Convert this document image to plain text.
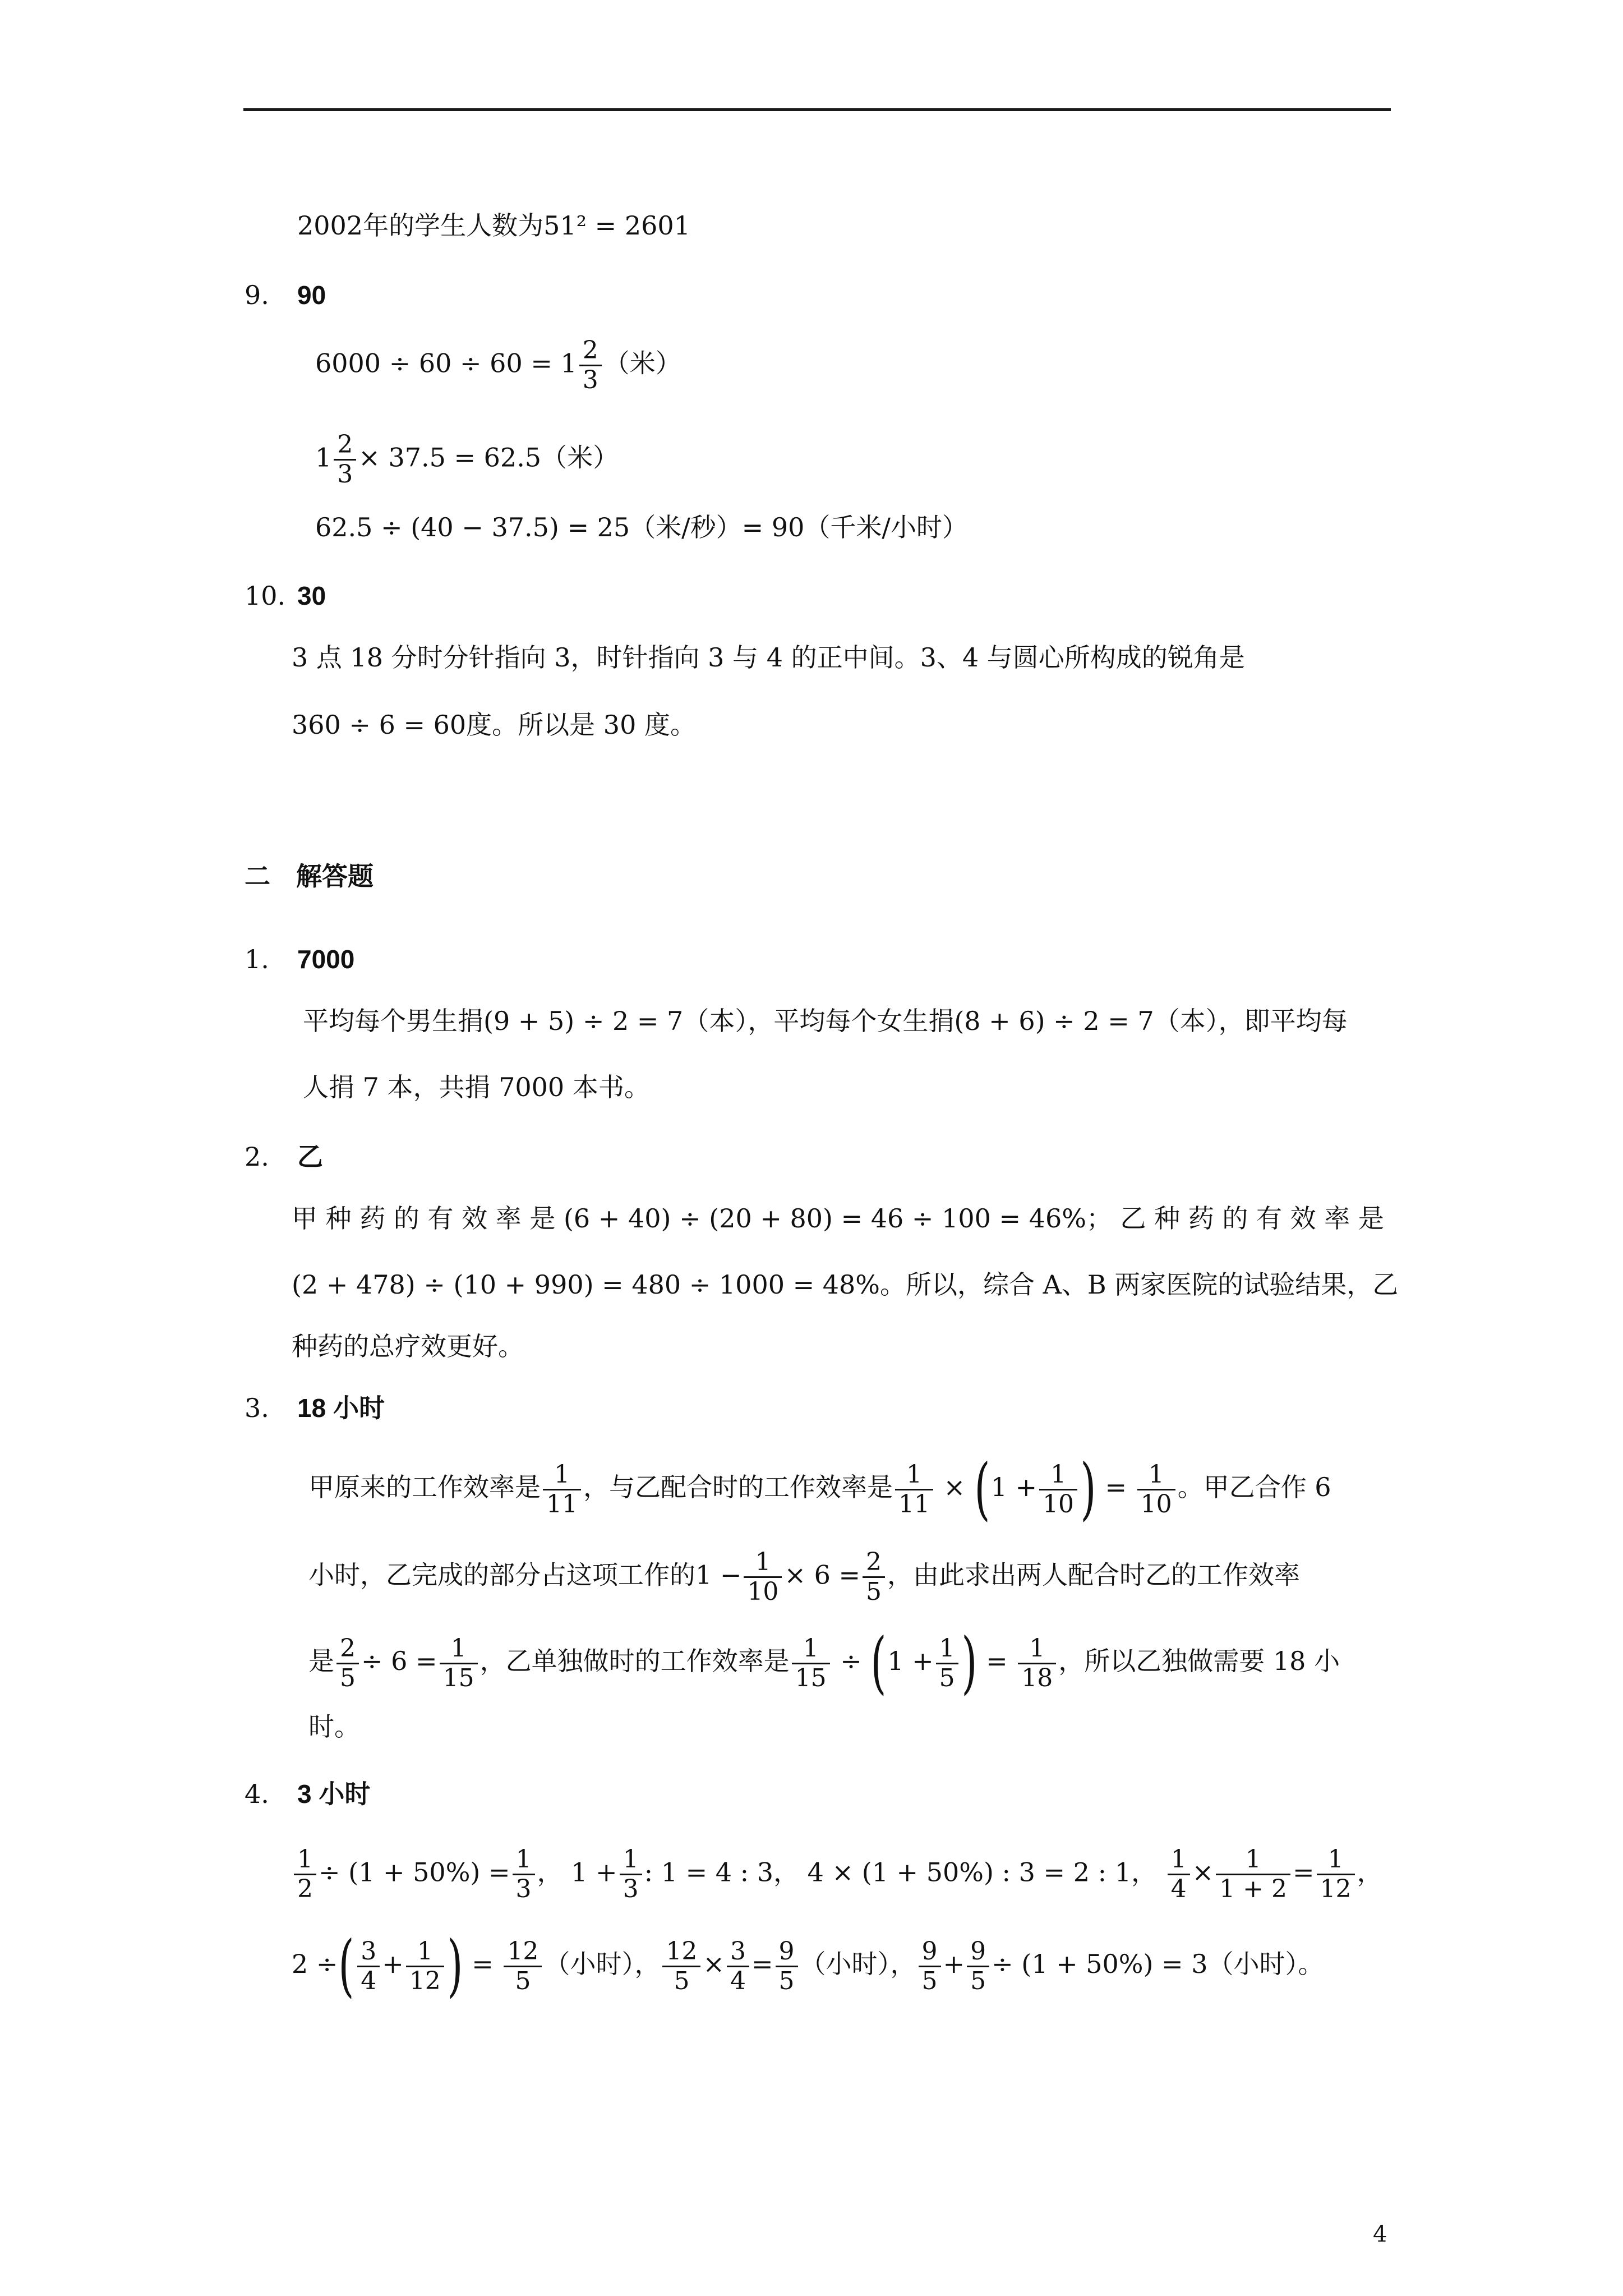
2002年的学生人数为51² = 2601
9. 90
$6000 \div 60 \div 60 = 1 \frac{2}{3}$ （米）
$1 \frac{2}{3} \times 37.5 = 62.5$（米）
62.5 ÷ (40 − 37.5) = 25（米/秒）= 90（千米/小时）
10. 30
3 点 18 分时分针指向 3，时针指向 3 与 4 的正中间。3、4 与圆心所构成的锐角是
360 ÷ 6 = 60度。所以是 30 度。
二　解答题
1. 7000
平均每个男生捐(9 + 5) ÷ 2 = 7（本），平均每个女生捐(8 + 6) ÷ 2 = 7（本），即平均每
人捐 7 本，共捐 7000 本书。
2. 乙
甲 种 药 的 有 效 率 是 (6 + 40) ÷ (20 + 80) = 46 ÷ 100 = 46%； 乙 种 药 的 有 效 率 是
(2 + 478) ÷ (10 + 990) = 480 ÷ 1000 = 48%。所以，综合 A、B 两家医院的试验结果，乙
种药的总疗效更好。
3. 18 小时
甲原来的工作效率是 $\frac{1}{11}$ ，与乙配合时的工作效率是 $\frac{1}{11} \times (1 + \frac{1}{10}$ ) = $\frac{1}{10}$ 。甲乙合作 6
小时，乙完成的部分占这项工作的$1 - \frac{1}{10} \times 6 = \frac{2}{5}$ ，由此求出两人配合时乙的工作效率
是 $\frac{2}{5} \div 6 = \frac{1}{15}$ ，乙单独做时的工作效率是 $\frac{1}{15} \div (1 + \frac{1}{5}$ ) = $\frac{1}{18}$ ，所以乙独做需要 18 小
时。
4. 3 小时
$\frac{1}{2} \div (1 + 50\%) = \frac{1}{3}$ ， $1 + \frac{1}{3}$ : 1 = 4 : 3， 4 × (1 + 50%) : 3 = 2 : 1， $\frac{1}{4} \times \frac{1}{1 + 2} = \frac{1}{12}$ ，
2 ÷( $\frac{3}{4} + \frac{1}{12}$ ) = $\frac{12}{5}$ （小时）， $\frac{12}{5} \times \frac{3}{4} = \frac{9}{5}$ （小时）， $\frac{9}{5} + \frac{9}{5} \div (1 + 50\%) = 3$（小时）。
4
